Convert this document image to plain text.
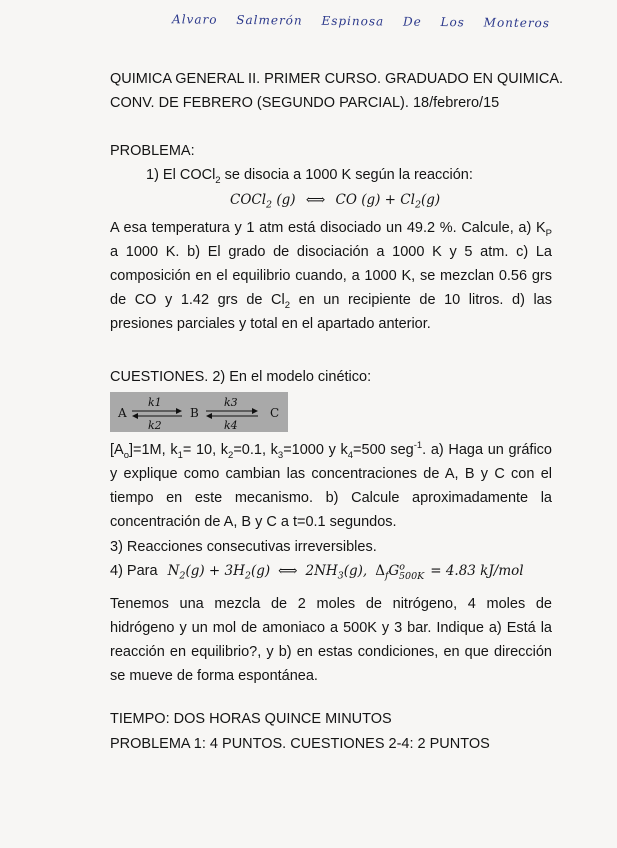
Alvaro Salmerón Espinosa De Los Monteros
QUIMICA GENERAL II. PRIMER CURSO. GRADUADO EN QUIMICA.
CONV. DE FEBRERO (SEGUNDO PARCIAL). 18/febrero/15
PROBLEMA:
1) El COCl$_2$ se disocia a 1000 K según la reacción:
COCl$_2$ (g) ⟺ CO $(g) + Cl_2(g)$
A esa temperatura y 1 atm está disociado un 49.2 %. Calcule, a) $K_P$ a 1000 K. b) El grado de disociación a 1000 K y 5 atm. c) La composición en el equilibrio cuando, a 1000 K, se mezclan 0.56 grs de CO y 1.42 grs de $Cl_2$ en un recipiente de 10 litros. d) las presiones parciales y total en el apartado anterior.
CUESTIONES. 2) En el modelo cinético:
A	B	C
k1
k2
k3
k4
$[A_o]=1M$, $k_1= 10$, $k_2=0.1$, $k_3=1000$ y $k_4=500$ seg$^{-1}$. a) Haga un gráfico y explique como cambian las concentraciones de A, B y C con el tiempo en este mecanismo. b) Calcule aproximadamente la concentración de A, B y C a t=0.1 segundos.
3) Reacciones consecutivas irreversibles.
4) Para $N_2(g) + 3H_2(g)$ ⟺ $2NH_3(g)$, $\Delta_fG^o_{500K} = 4.83$ kJ/mol
Tenemos una mezcla de 2 moles de nitrógeno, 4 moles de hidrógeno y un mol de amoniaco a 500K y 3 bar. Indique a) Está la reacción en equilibrio?, y b) en estas condiciones, en que dirección se mueve de forma espontánea.
TIEMPO: DOS HORAS QUINCE MINUTOS
PROBLEMA 1: 4 PUNTOS. CUESTIONES 2-4: 2 PUNTOS
